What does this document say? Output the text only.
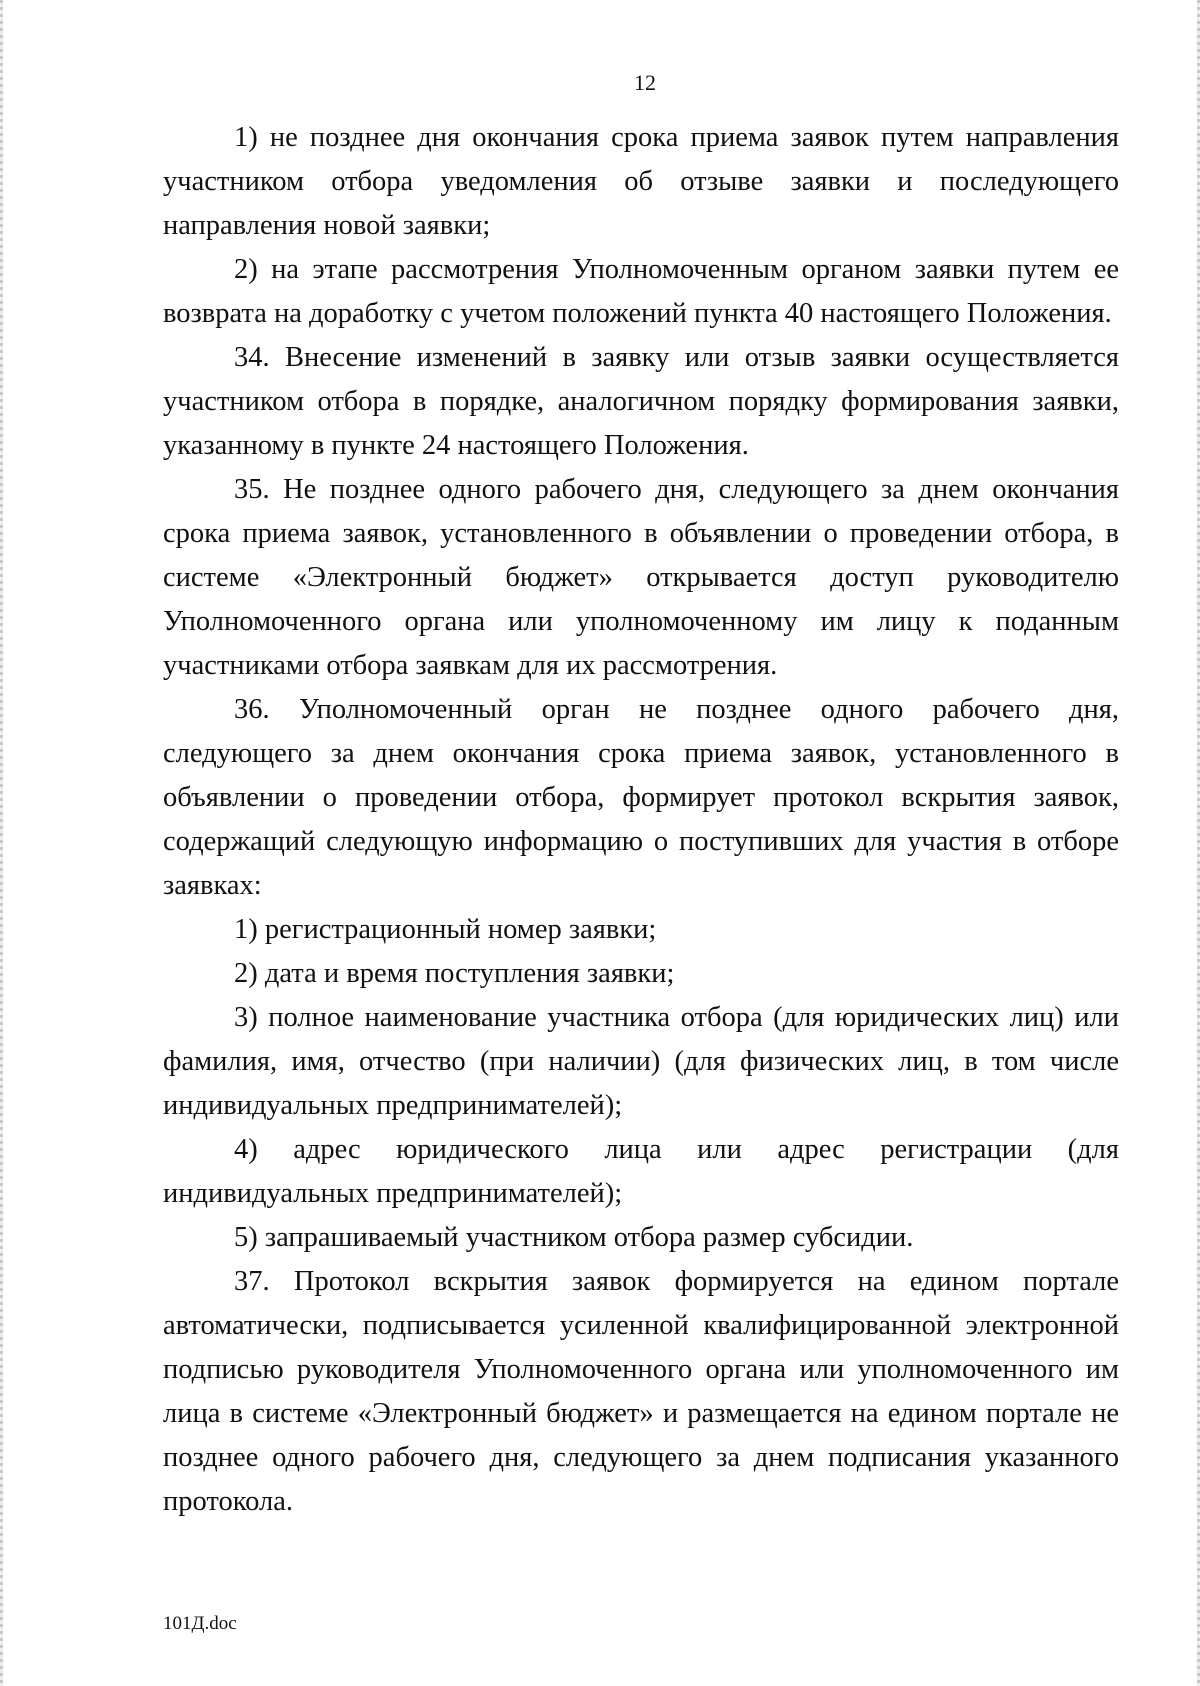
12

1) не позднее дня окончания срока приема заявок путем направления участником отбора уведомления об отзыве заявки и последующего направления новой заявки;

2) на этапе рассмотрения Уполномоченным органом заявки путем ее возврата на доработку с учетом положений пункта 40 настоящего Положения.

34. Внесение изменений в заявку или отзыв заявки осуществляется участником отбора в порядке, аналогичном порядку формирования заявки, указанному в пункте 24 настоящего Положения.

35. Не позднее одного рабочего дня, следующего за днем окончания срока приема заявок, установленного в объявлении о проведении отбора, в системе «Электронный бюджет» открывается доступ руководителю Уполномоченного органа или уполномоченному им лицу к поданным участниками отбора заявкам для их рассмотрения.

36. Уполномоченный орган не позднее одного рабочего дня, следующего за днем окончания срока приема заявок, установленного в объявлении о проведении отбора, формирует протокол вскрытия заявок, содержащий следующую информацию о поступивших для участия в отборе заявках:

1) регистрационный номер заявки;

2) дата и время поступления заявки;

3) полное наименование участника отбора (для юридических лиц) или фамилия, имя, отчество (при наличии) (для физических лиц, в том числе индивидуальных предпринимателей);

4) адрес юридического лица или адрес регистрации (для индивидуальных предпринимателей);

5) запрашиваемый участником отбора размер субсидии.

37. Протокол вскрытия заявок формируется на едином портале автоматически, подписывается усиленной квалифицированной электронной подписью руководителя Уполномоченного органа или уполномоченного им лица в системе «Электронный бюджет» и размещается на едином портале не позднее одного рабочего дня, следующего за днем подписания указанного протокола.

101Д.doc
